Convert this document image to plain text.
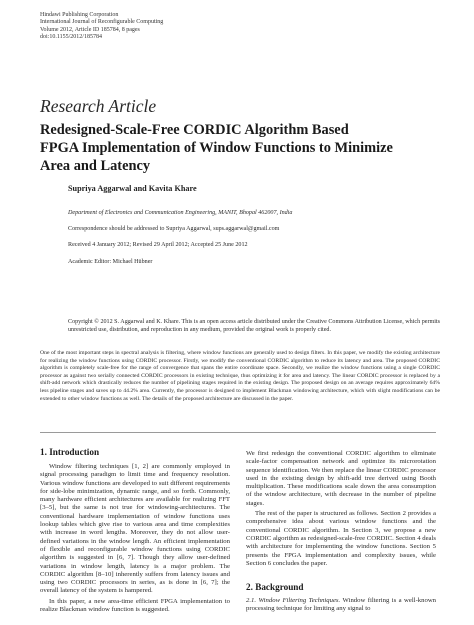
Hindawi Publishing Corporation
International Journal of Reconfigurable Computing
Volume 2012, Article ID 185784, 8 pages
doi:10.1155/2012/185784
Research Article
Redesigned-Scale-Free CORDIC Algorithm Based
FPGA Implementation of Window Functions to Minimize
Area and Latency
Supriya Aggarwal and Kavita Khare
Department of Electronics and Communication Engineering, MANIT, Bhopal 462007, India
Correspondence should be addressed to Supriya Aggarwal, sups.aggarwal@gmail.com
Received 4 January 2012; Revised 29 April 2012; Accepted 25 June 2012
Academic Editor: Michael Hübner
Copyright © 2012 S. Aggarwal and K. Khare. This is an open access article distributed under the Creative Commons Attribution License, which permits unrestricted use, distribution, and reproduction in any medium, provided the original work is properly cited.
One of the most important steps in spectral analysis is filtering, where window functions are generally used to design filters. In this paper, we modify the existing architecture for realizing the window functions using CORDIC processor. Firstly, we modify the conventional CORDIC algorithm to reduce its latency and area. The proposed CORDIC algorithm is completely scale-free for the range of convergence that spans the entire coordinate space. Secondly, we realize the window functions using a single CORDIC processor as against two serially connected CORDIC processors in existing technique, thus optimizing it for area and latency. The linear CORDIC processor is replaced by a shift-add network which drastically reduces the number of pipelining stages required in the existing design. The proposed design on an average requires approximately 64% less pipeline stages and saves up to 44.2% area. Currently, the processor is designed to implement Blackman windowing architecture, which with slight modifications can be extended to other window functions as well. The details of the proposed architecture are discussed in the paper.
1. Introduction

Window filtering techniques [1, 2] are commonly employed in signal processing paradigm to limit time and frequency resolution. Various window functions are developed to suit different requirements for side-lobe minimization, dynamic range, and so forth. Commonly, many hardware efficient architectures are available for realizing FFT [3–5], but the same is not true for windowing-architectures. The conventional hardware implementation of window functions uses lookup tables which give rise to various area and time complexities with increase in word lengths. Moreover, they do not allow user-defined variations in the window length. An efficient implementation of flexible and reconfigurable window functions using CORDIC algorithm is suggested in [6, 7]. Though they allow user-defined variations in window length, latency is a major problem. The CORDIC algorithm [8–10] inherently suffers from latency issues and using two CORDIC processors in series, as is done in [6, 7]; the overall latency of the system is hampered.

In this paper, a new area-time efficient FPGA implementation to realize Blackman window function is suggested.

We first redesign the conventional CORDIC algorithm to eliminate scale-factor compensation network and optimize its microrotation sequence identification. We then replace the linear CORDIC processor used in the existing design by shift-add tree derived using Booth multiplication. These modifications scale down the area consumption of the window architecture, with decrease in the number of pipeline stages.

The rest of the paper is structured as follows. Section 2 provides a comprehensive idea about various window functions and the conventional CORDIC algorithm. In Section 3, we propose a new CORDIC algorithm as redesigned-scale-free CORDIC. Section 4 deals with architecture for implementing the window functions. Section 5 presents the FPGA implementation and complexity issues, while Section 6 concludes the paper.

2. Background

2.1. Window Filtering Techniques. Window filtering is a well-known processing technique for limiting any signal to
